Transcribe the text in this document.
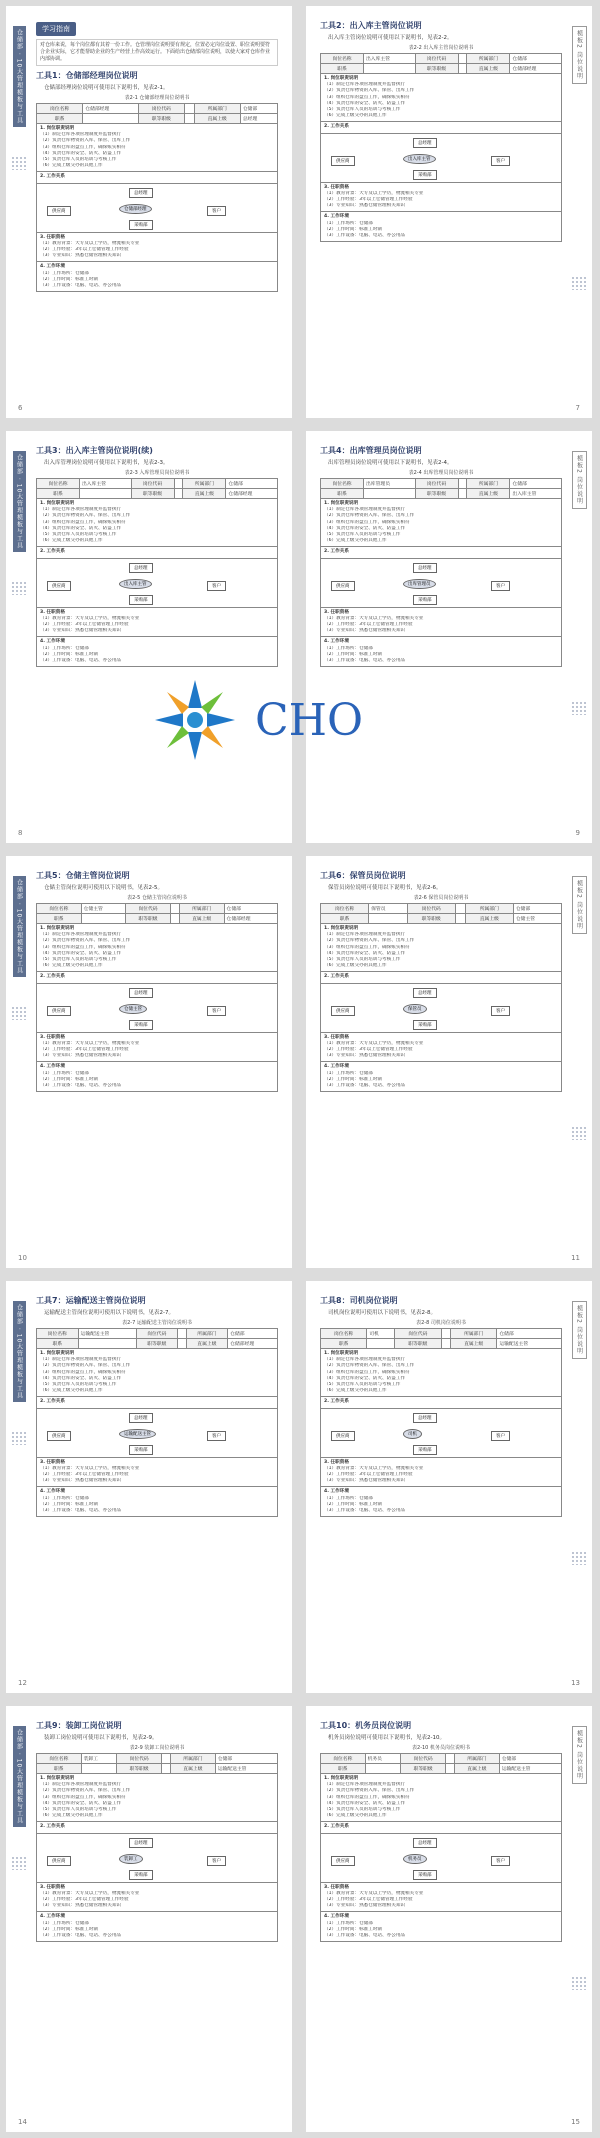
仓储部 · 10大管理模板与工具	学习指南
对仓库来说，每个岗位都有其着一份工作。仓管理岗位说明要有规定，位置必定岗位设置、职位说明要符合企业实际，它才能帮助企业的生产经营上作高效运行。下面给出仓储部岗位说明，以使大家对仓库作业内部协调。
工具1：仓储部经理岗位说明
仓储部经理岗位说明可使用以下说明书，见表2-1。
表2-1 仓储部经理岗位说明书
岗位名称	仓储部经理	岗位代码		所属部门	仓储部
职系		职等职级		直属上级	总经理
1. 岗位职责说明
（1）制定仓库各项管理制度并监督执行
（2）负责仓库物资的入库、保管、出库工作
（3）组织仓库的盘点工作，确保账实相符
（4）负责仓库的安全、防火、防盗工作
（5）负责仓库人员的培训与考核工作
（6）完成上级交办的其他工作
2. 工作关系
总经理
仓储部经理
供应商	客户
采购部
3. 任职资格
（1）教育背景：大专及以上学历，物流相关专业
（2）工作经验：3年以上仓储管理工作经验
（3）专业知识：熟悉仓储管理相关知识
4. 工作环境
（1）工作场所：仓储部
（2）工作时间：标准工时制
（3）工作设备：电脑、电话、办公用品
6
模板2 岗位说明
工具2：出入库主管岗位说明
出入库主管岗位说明可使用以下说明书，见表2-2。
表2-2 出入库主管岗位说明书
岗位名称	出入库主管	岗位代码		所属部门	仓储部
职系		职等职级		直属上级	仓储部经理
1. 岗位职责说明
（1）制定仓库各项管理制度并监督执行
（2）负责仓库物资的入库、保管、出库工作
（3）组织仓库的盘点工作，确保账实相符
（4）负责仓库的安全、防火、防盗工作
（5）负责仓库人员的培训与考核工作
（6）完成上级交办的其他工作
2. 工作关系
总经理
出入库主管
供应商	客户
采购部
3. 任职资格
（1）教育背景：大专及以上学历，物流相关专业
（2）工作经验：3年以上仓储管理工作经验
（3）专业知识：熟悉仓储管理相关知识
4. 工作环境
（1）工作场所：仓储部
（2）工作时间：标准工时制
（3）工作设备：电脑、电话、办公用品
7
仓储部 · 10大管理模板与工具
工具3：出入库主管岗位说明(续)
出入库管理岗位说明可使用以下说明书，见表2-3。
表2-3 入库管理员岗位说明书
岗位名称	出入库主管	岗位代码		所属部门	仓储部
职系		职等职级		直属上级	仓储部经理
1. 岗位职责说明
（1）制定仓库各项管理制度并监督执行
（2）负责仓库物资的入库、保管、出库工作
（3）组织仓库的盘点工作，确保账实相符
（4）负责仓库的安全、防火、防盗工作
（5）负责仓库人员的培训与考核工作
（6）完成上级交办的其他工作
2. 工作关系
总经理
出入库主管
供应商	客户
采购部
3. 任职资格
（1）教育背景：大专及以上学历，物流相关专业
（2）工作经验：3年以上仓储管理工作经验
（3）专业知识：熟悉仓储管理相关知识
4. 工作环境
（1）工作场所：仓储部
（2）工作时间：标准工时制
（3）工作设备：电脑、电话、办公用品
8
模板2 岗位说明
工具4：出库管理员岗位说明
出库管理员岗位说明可使用以下说明书，见表2-4。
表2-4 出库管理员岗位说明书
岗位名称	出库管理员	岗位代码		所属部门	仓储部
职系		职等职级		直属上级	出入库主管
1. 岗位职责说明
（1）制定仓库各项管理制度并监督执行
（2）负责仓库物资的入库、保管、出库工作
（3）组织仓库的盘点工作，确保账实相符
（4）负责仓库的安全、防火、防盗工作
（5）负责仓库人员的培训与考核工作
（6）完成上级交办的其他工作
2. 工作关系
总经理
出库管理员
供应商	客户
采购部
3. 任职资格
（1）教育背景：大专及以上学历，物流相关专业
（2）工作经验：3年以上仓储管理工作经验
（3）专业知识：熟悉仓储管理相关知识
4. 工作环境
（1）工作场所：仓储部
（2）工作时间：标准工时制
（3）工作设备：电脑、电话、办公用品
9
仓储部 · 10大管理模板与工具
工具5：仓储主管岗位说明
仓储主管岗位说明可使用以下说明书，见表2-5。
表2-5 仓储主管岗位说明书
岗位名称	仓储主管	岗位代码		所属部门	仓储部
职系		职等职级		直属上级	仓储部经理
1. 岗位职责说明
（1）制定仓库各项管理制度并监督执行
（2）负责仓库物资的入库、保管、出库工作
（3）组织仓库的盘点工作，确保账实相符
（4）负责仓库的安全、防火、防盗工作
（5）负责仓库人员的培训与考核工作
（6）完成上级交办的其他工作
2. 工作关系
总经理
仓储主管
供应商	客户
采购部
3. 任职资格
（1）教育背景：大专及以上学历，物流相关专业
（2）工作经验：3年以上仓储管理工作经验
（3）专业知识：熟悉仓储管理相关知识
4. 工作环境
（1）工作场所：仓储部
（2）工作时间：标准工时制
（3）工作设备：电脑、电话、办公用品
10
模板2 岗位说明
工具6：保管员岗位说明
保管员岗位说明可使用以下说明书，见表2-6。
表2-6 保管员岗位说明书
岗位名称	保管员	岗位代码		所属部门	仓储部
职系		职等职级		直属上级	仓储主管
1. 岗位职责说明
（1）制定仓库各项管理制度并监督执行
（2）负责仓库物资的入库、保管、出库工作
（3）组织仓库的盘点工作，确保账实相符
（4）负责仓库的安全、防火、防盗工作
（5）负责仓库人员的培训与考核工作
（6）完成上级交办的其他工作
2. 工作关系
总经理
保管员
供应商	客户
采购部
3. 任职资格
（1）教育背景：大专及以上学历，物流相关专业
（2）工作经验：3年以上仓储管理工作经验
（3）专业知识：熟悉仓储管理相关知识
4. 工作环境
（1）工作场所：仓储部
（2）工作时间：标准工时制
（3）工作设备：电脑、电话、办公用品
11
仓储部 · 10大管理模板与工具
工具7：运输配送主管岗位说明
运输配送主管岗位说明可使用以下说明书，见表2-7。
表2-7 运输配送主管岗位说明书
岗位名称	运输配送主管	岗位代码		所属部门	仓储部
职系		职等职级		直属上级	仓储部经理
1. 岗位职责说明
（1）制定仓库各项管理制度并监督执行
（2）负责仓库物资的入库、保管、出库工作
（3）组织仓库的盘点工作，确保账实相符
（4）负责仓库的安全、防火、防盗工作
（5）负责仓库人员的培训与考核工作
（6）完成上级交办的其他工作
2. 工作关系
总经理
运输配送主管
供应商	客户
采购部
3. 任职资格
（1）教育背景：大专及以上学历，物流相关专业
（2）工作经验：3年以上仓储管理工作经验
（3）专业知识：熟悉仓储管理相关知识
4. 工作环境
（1）工作场所：仓储部
（2）工作时间：标准工时制
（3）工作设备：电脑、电话、办公用品
12
模板2 岗位说明
工具8：司机岗位说明
司机岗位说明可使用以下说明书，见表2-8。
表2-8 司机岗位说明书
岗位名称	司机	岗位代码		所属部门	仓储部
职系		职等职级		直属上级	运输配送主管
1. 岗位职责说明
（1）制定仓库各项管理制度并监督执行
（2）负责仓库物资的入库、保管、出库工作
（3）组织仓库的盘点工作，确保账实相符
（4）负责仓库的安全、防火、防盗工作
（5）负责仓库人员的培训与考核工作
（6）完成上级交办的其他工作
2. 工作关系
总经理
司机
供应商	客户
采购部
3. 任职资格
（1）教育背景：大专及以上学历，物流相关专业
（2）工作经验：3年以上仓储管理工作经验
（3）专业知识：熟悉仓储管理相关知识
4. 工作环境
（1）工作场所：仓储部
（2）工作时间：标准工时制
（3）工作设备：电脑、电话、办公用品
13
仓储部 · 10大管理模板与工具
工具9：装卸工岗位说明
装卸工岗位说明可使用以下说明书，见表2-9。
表2-9 装卸工岗位说明书
岗位名称	装卸工	岗位代码		所属部门	仓储部
职系		职等职级		直属上级	运输配送主管
1. 岗位职责说明
（1）制定仓库各项管理制度并监督执行
（2）负责仓库物资的入库、保管、出库工作
（3）组织仓库的盘点工作，确保账实相符
（4）负责仓库的安全、防火、防盗工作
（5）负责仓库人员的培训与考核工作
（6）完成上级交办的其他工作
2. 工作关系
总经理
装卸工
供应商	客户
采购部
3. 任职资格
（1）教育背景：大专及以上学历，物流相关专业
（2）工作经验：3年以上仓储管理工作经验
（3）专业知识：熟悉仓储管理相关知识
4. 工作环境
（1）工作场所：仓储部
（2）工作时间：标准工时制
（3）工作设备：电脑、电话、办公用品
14
模板2 岗位说明
工具10：机务员岗位说明
机务员岗位说明可使用以下说明书，见表2-10。
表2-10 机务员岗位说明书
岗位名称	机务员	岗位代码		所属部门	仓储部
职系		职等职级		直属上级	运输配送主管
1. 岗位职责说明
（1）制定仓库各项管理制度并监督执行
（2）负责仓库物资的入库、保管、出库工作
（3）组织仓库的盘点工作，确保账实相符
（4）负责仓库的安全、防火、防盗工作
（5）负责仓库人员的培训与考核工作
（6）完成上级交办的其他工作
2. 工作关系
总经理
机务员
供应商	客户
采购部
3. 任职资格
（1）教育背景：大专及以上学历，物流相关专业
（2）工作经验：3年以上仓储管理工作经验
（3）专业知识：熟悉仓储管理相关知识
4. 工作环境
（1）工作场所：仓储部
（2）工作时间：标准工时制
（3）工作设备：电脑、电话、办公用品
15
CHO
